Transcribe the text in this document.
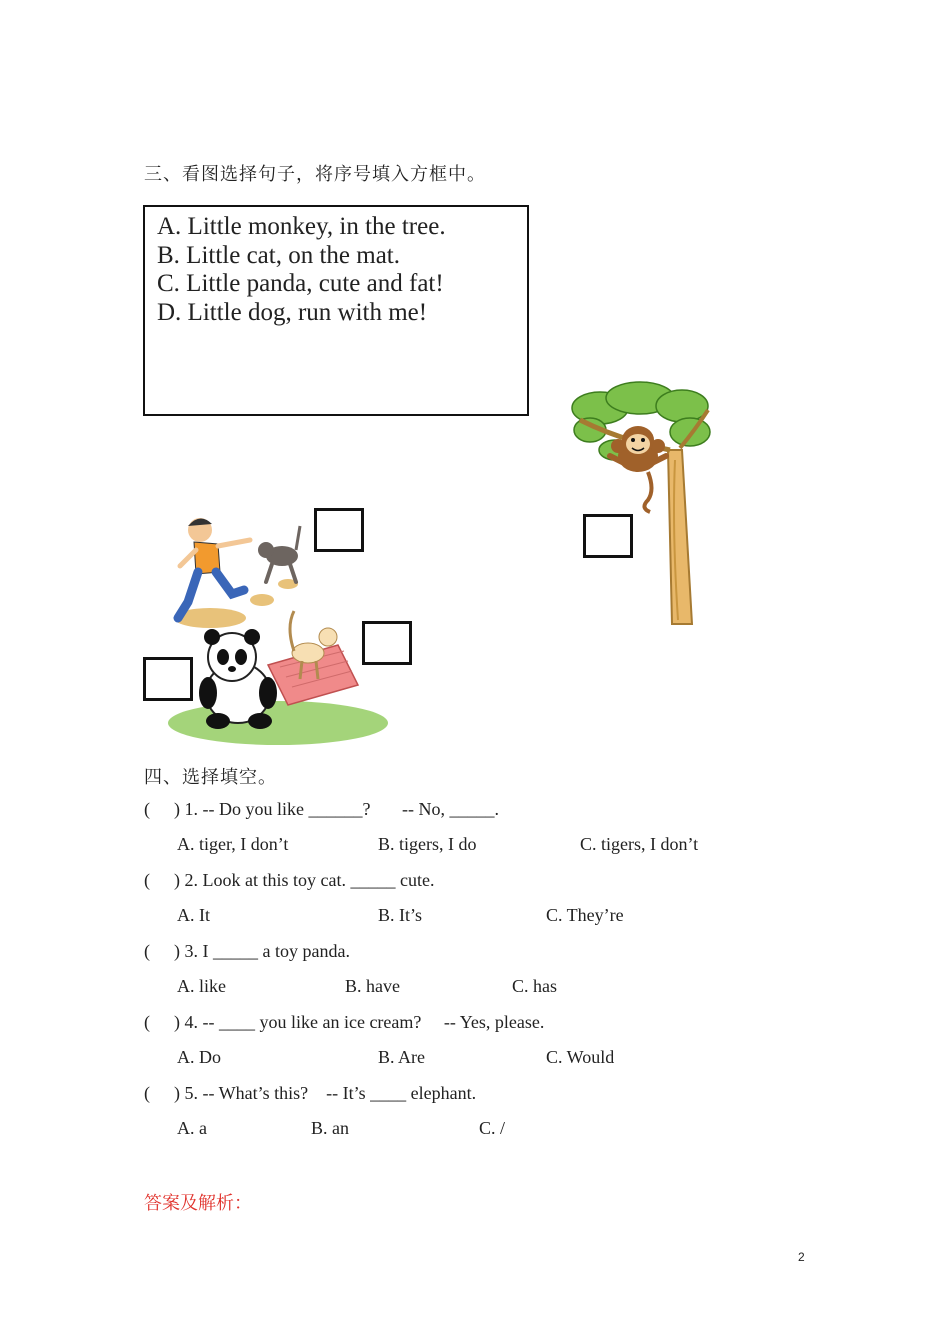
三、看图选择句子，将序号填入方框中。
A. Little monkey, in the tree.
B. Little cat, on the mat.
C. Little panda, cute and fat!
D. Little dog, run with me!
四、选择填空。
( ) 1. -- Do you like ______?       -- No, _____.
A. tiger, I don’t	B. tigers, I do	C. tigers, I don’t
( ) 2. Look at this toy cat. _____ cute.
A. It	B. It’s	C. They’re
( ) 3. I _____ a toy panda.
A. like	B. have	C. has
( ) 4. -- ____ you like an ice cream?     -- Yes, please.
A. Do	B. Are	C. Would
( ) 5. -- What’s this?    -- It’s ____ elephant.
A. a	B. an	C. /
答案及解析：
2
